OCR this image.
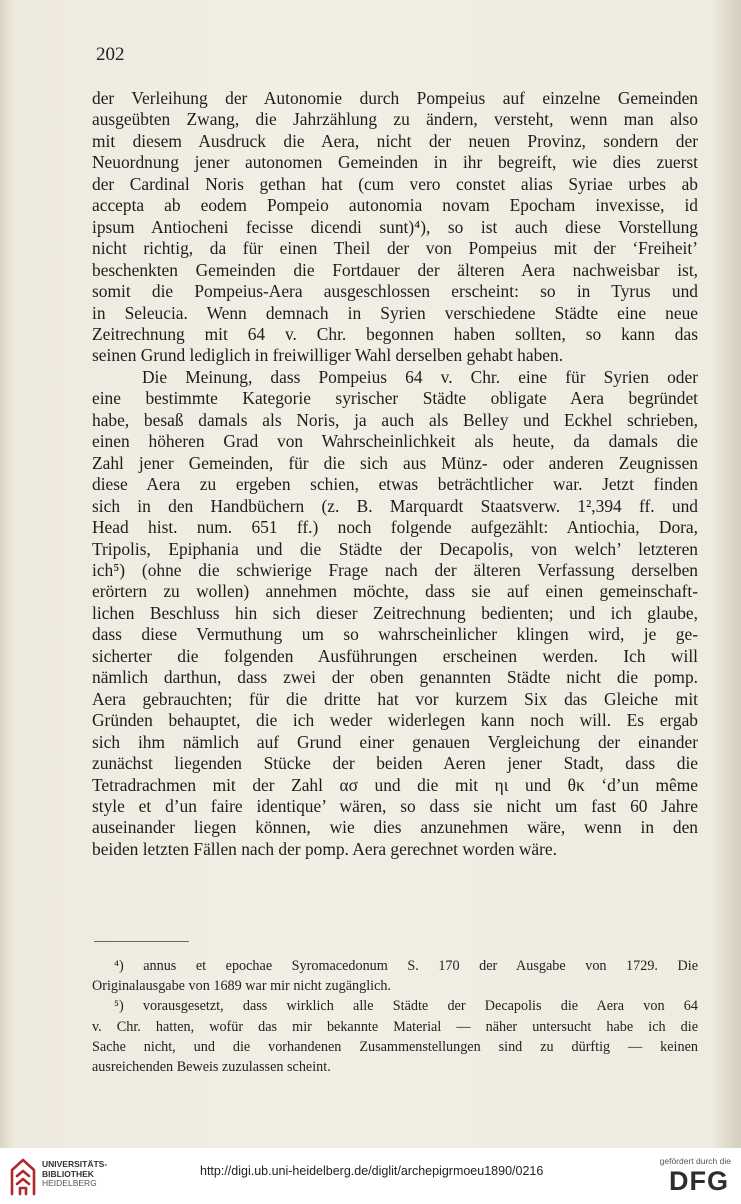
202
der Verleihung der Autonomie durch Pompeius auf einzelne Gemeinden
ausgeübten Zwang, die Jahrzählung zu ändern, versteht, wenn man also
mit diesem Ausdruck die Aera, nicht der neuen Provinz, sondern der
Neuordnung jener autonomen Gemeinden in ihr begreift, wie dies zuerst
der Cardinal Noris gethan hat (cum vero constet alias Syriae urbes ab
accepta ab eodem Pompeio autonomia novam Epocham invexisse, id
ipsum Antiocheni fecisse dicendi sunt)⁴), so ist auch diese Vorstellung
nicht richtig, da für einen Theil der von Pompeius mit der ‘Freiheit’
beschenkten Gemeinden die Fortdauer der älteren Aera nachweisbar ist,
somit die Pompeius-Aera ausgeschlossen erscheint: so in Tyrus und
in Seleucia. Wenn demnach in Syrien verschiedene Städte eine neue
Zeitrechnung mit 64 v. Chr. begonnen haben sollten, so kann das
seinen Grund lediglich in freiwilliger Wahl derselben gehabt haben.
Die Meinung, dass Pompeius 64 v. Chr. eine für Syrien oder
eine bestimmte Kategorie syrischer Städte obligate Aera begründet
habe, besaß damals als Noris, ja auch als Belley und Eckhel schrieben,
einen höheren Grad von Wahrscheinlichkeit als heute, da damals die
Zahl jener Gemeinden, für die sich aus Münz- oder anderen Zeugnissen
diese Aera zu ergeben schien, etwas beträchtlicher war. Jetzt finden
sich in den Handbüchern (z. B. Marquardt Staatsverw. 1²,394 ff. und
Head hist. num. 651 ff.) noch folgende aufgezählt: Antiochia, Dora,
Tripolis, Epiphania und die Städte der Decapolis, von welch’ letzteren
ich⁵) (ohne die schwierige Frage nach der älteren Verfassung derselben
erörtern zu wollen) annehmen möchte, dass sie auf einen gemeinschaft-
lichen Beschluss hin sich dieser Zeitrechnung bedienten; und ich glaube,
dass diese Vermuthung um so wahrscheinlicher klingen wird, je ge-
sicherter die folgenden Ausführungen erscheinen werden. Ich will
nämlich darthun, dass zwei der oben genannten Städte nicht die pomp.
Aera gebrauchten; für die dritte hat vor kurzem Six das Gleiche mit
Gründen behauptet, die ich weder widerlegen kann noch will. Es ergab
sich ihm nämlich auf Grund einer genauen Vergleichung der einander
zunächst liegenden Stücke der beiden Aeren jener Stadt, dass die
Tetradrachmen mit der Zahl ασ und die mit ηι und θκ ‘d’un même
style et d’un faire identique’ wären, so dass sie nicht um fast 60 Jahre
auseinander liegen können, wie dies anzunehmen wäre, wenn in den
beiden letzten Fällen nach der pomp. Aera gerechnet worden wäre.
⁴) annus et epochae Syromacedonum S. 170 der Ausgabe von 1729. Die
Originalausgabe von 1689 war mir nicht zugänglich.
⁵) vorausgesetzt, dass wirklich alle Städte der Decapolis die Aera von 64
v. Chr. hatten, wofür das mir bekannte Material — näher untersucht habe ich die
Sache nicht, und die vorhandenen Zusammenstellungen sind zu dürftig — keinen
ausreichenden Beweis zuzulassen scheint.
UNIVERSITÄTS-
BIBLIOTHEK
HEIDELBERG
http://digi.ub.uni-heidelberg.de/diglit/archepigrmoeu1890/0216
gefördert durch die
DFG
